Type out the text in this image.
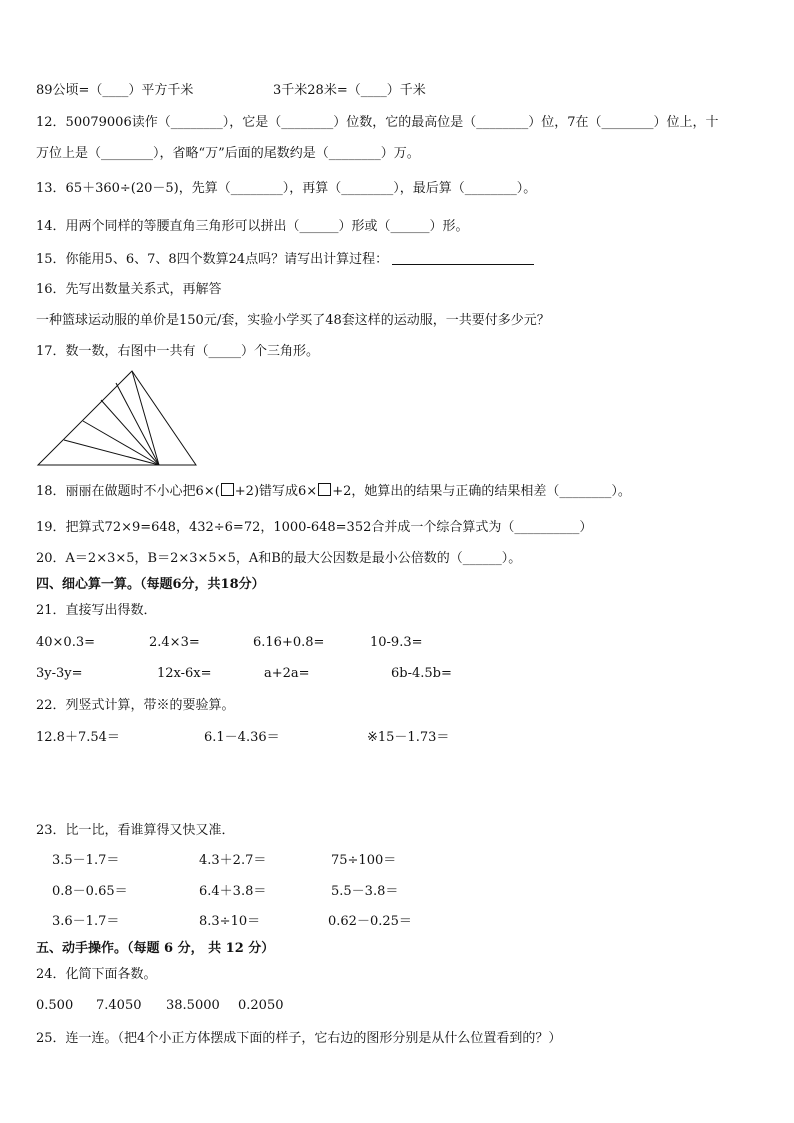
89公顷=（____）平方千米	3千米28米=（____）千米
12．50079006读作（________），它是（________）位数，它的最高位是（________）位，7在（________）位上，十
万位上是（________），省略“万”后面的尾数约是（________）万。
13．65＋360÷(20－5)，先算（________），再算（________），最后算（________）。
14．用两个同样的等腰直角三角形可以拼出（______）形或（______）形。
15．你能用5、6、7、8四个数算24点吗？请写出计算过程：
16．先写出数量关系式，再解答
一种篮球运动服的单价是150元/套，实验小学买了48套这样的运动服，一共要付多少元？
17．数一数，右图中一共有（_____）个三角形。
18．丽丽在做题时不小心把6×( +2)错写成6× +2，她算出的结果与正确的结果相差（________）。
19．把算式72×9=648，432÷6=72，1000-648=352合并成一个综合算式为（__________）
20．A＝2×3×5，B＝2×3×5×5，A和B的最大公因数是最小公倍数的（______）。
四、细心算一算。（每题6分，共18分）
21．直接写出得数．
40×0.3=	2.4×3=	6.16+0.8=	10-9.3=
3y-3y=	12x-6x=	a+2a=	6b-4.5b=
22．列竖式计算，带※的要验算。
12.8＋7.54＝	6.1－4.36＝	※15－1.73＝
23．比一比，看谁算得又快又准．
3.5－1.7＝	4.3＋2.7＝	75÷100＝
0.8－0.65＝	6.4＋3.8＝	5.5－3.8＝
3.6－1.7＝	8.3÷10＝	0.62－0.25＝
五、动手操作。（每题 6 分， 共 12 分）
24．化简下面各数。
0.500 7.4050 38.5000 0.2050
25．连一连。（把4个小正方体摆成下面的样子，它右边的图形分别是从什么位置看到的？）
